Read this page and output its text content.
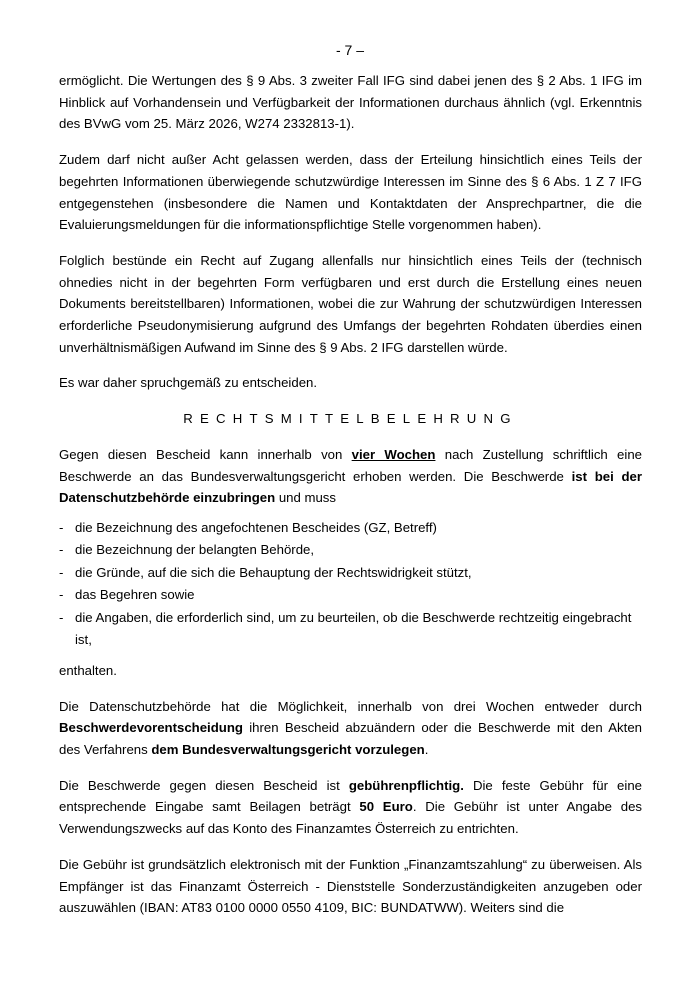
- 7 –

ermöglicht. Die Wertungen des § 9 Abs. 3 zweiter Fall IFG sind dabei jenen des § 2 Abs. 1 IFG im Hinblick auf Vorhandensein und Verfügbarkeit der Informationen durchaus ähnlich (vgl. Erkenntnis des BVwG vom 25. März 2026, W274 2332813-1).

Zudem darf nicht außer Acht gelassen werden, dass der Erteilung hinsichtlich eines Teils der begehrten Informationen überwiegende schutzwürdige Interessen im Sinne des § 6 Abs. 1 Z 7 IFG entgegenstehen (insbesondere die Namen und Kontaktdaten der Ansprechpartner, die die Evaluierungsmeldungen für die informationspflichtige Stelle vorgenommen haben).

Folglich bestünde ein Recht auf Zugang allenfalls nur hinsichtlich eines Teils der (technisch ohnedies nicht in der begehrten Form verfügbaren und erst durch die Erstellung eines neuen Dokuments bereitstellbaren) Informationen, wobei die zur Wahrung der schutzwürdigen Interessen erforderliche Pseudonymisierung aufgrund des Umfangs der begehrten Rohdaten überdies einen unverhältnismäßigen Aufwand im Sinne des § 9 Abs. 2 IFG darstellen würde.

Es war daher spruchgemäß zu entscheiden.

RECHTSMITTELBELEHRUNG

Gegen diesen Bescheid kann innerhalb von vier Wochen nach Zustellung schriftlich eine Beschwerde an das Bundesverwaltungsgericht erhoben werden. Die Beschwerde ist bei der Datenschutzbehörde einzubringen und muss

- die Bezeichnung des angefochtenen Bescheides (GZ, Betreff)
- die Bezeichnung der belangten Behörde,
- die Gründe, auf die sich die Behauptung der Rechtswidrigkeit stützt,
- das Begehren sowie
- die Angaben, die erforderlich sind, um zu beurteilen, ob die Beschwerde rechtzeitig eingebracht ist,

enthalten.

Die Datenschutzbehörde hat die Möglichkeit, innerhalb von drei Wochen entweder durch Beschwerdevorentscheidung ihren Bescheid abzuändern oder die Beschwerde mit den Akten des Verfahrens dem Bundesverwaltungsgericht vorzulegen.

Die Beschwerde gegen diesen Bescheid ist gebührenpflichtig. Die feste Gebühr für eine entsprechende Eingabe samt Beilagen beträgt 50 Euro. Die Gebühr ist unter Angabe des Verwendungszwecks auf das Konto des Finanzamtes Österreich zu entrichten.

Die Gebühr ist grundsätzlich elektronisch mit der Funktion „Finanzamtszahlung“ zu überweisen. Als Empfänger ist das Finanzamt Österreich - Dienststelle Sonderzuständigkeiten anzugeben oder auszuwählen (IBAN: AT83 0100 0000 0550 4109, BIC: BUNDATWW). Weiters sind die
